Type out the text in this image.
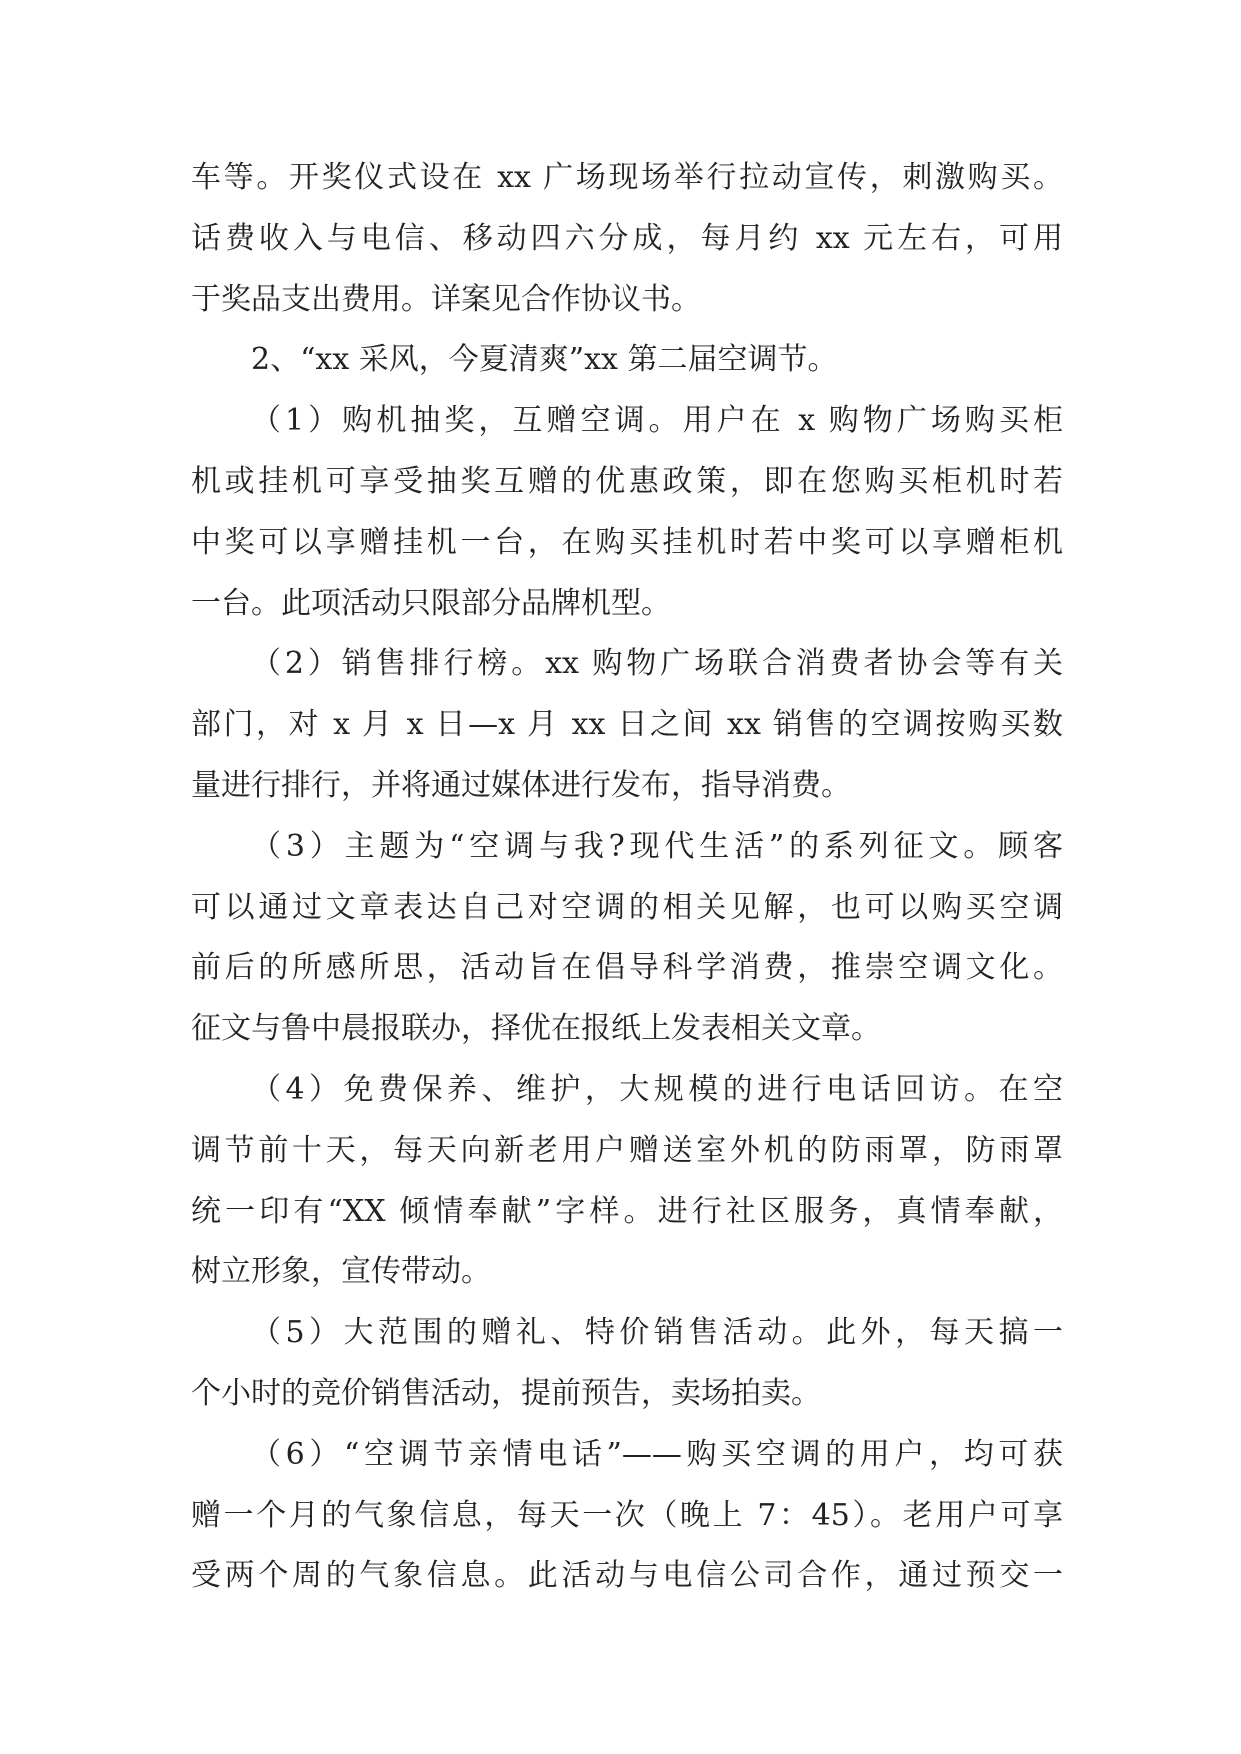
车等。开奖仪式设在 xx 广场现场举行拉动宣传，刺激购买。
话费收入与电信、移动四六分成，每月约 xx 元左右，可用
于奖品支出费用。详案见合作协议书。
2、“xx 采风，今夏清爽”xx 第二届空调节。
（1）购机抽奖，互赠空调。用户在 x 购物广场购买柜
机或挂机可享受抽奖互赠的优惠政策，即在您购买柜机时若
中奖可以享赠挂机一台，在购买挂机时若中奖可以享赠柜机
一台。此项活动只限部分品牌机型。
（2）销售排行榜。xx 购物广场联合消费者协会等有关
部门，对 x 月 x 日—x 月 xx 日之间 xx 销售的空调按购买数
量进行排行，并将通过媒体进行发布，指导消费。
（3）主题为“空调与我?现代生活”的系列征文。顾客
可以通过文章表达自己对空调的相关见解，也可以购买空调
前后的所感所思，活动旨在倡导科学消费，推崇空调文化。
征文与鲁中晨报联办，择优在报纸上发表相关文章。
（4）免费保养、维护，大规模的进行电话回访。在空
调节前十天，每天向新老用户赠送室外机的防雨罩，防雨罩
统一印有“XX 倾情奉献”字样。进行社区服务，真情奉献，
树立形象，宣传带动。
（5）大范围的赠礼、特价销售活动。此外，每天搞一
个小时的竞价销售活动，提前预告，卖场拍卖。
（6）“空调节亲情电话”——购买空调的用户，均可获
赠一个月的气象信息，每天一次（晚上 7：45）。老用户可享
受两个周的气象信息。此活动与电信公司合作，通过预交一
